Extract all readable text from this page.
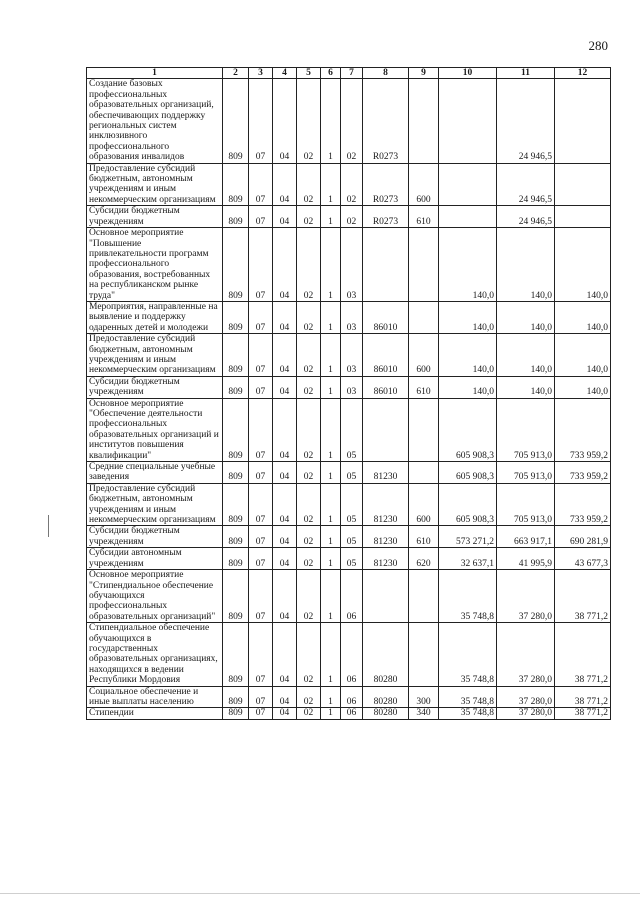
280
1	2	3	4	5	6	7	8	9	10	11	12
Создание базовых профессиональных образовательных организаций, обеспечивающих поддержку региональных систем инклюзивного профессионального образования инвалидов	809	07	04	02	1	02	R0273			24 946,5	
Предоставление субсидий бюджетным, автономным учреждениям и иным некоммерческим организациям	809	07	04	02	1	02	R0273	600		24 946,5	
Субсидии бюджетным учреждениям	809	07	04	02	1	02	R0273	610		24 946,5	
Основное мероприятие "Повышение привлекательности программ профессионального образования, востребованных на республиканском рынке труда"	809	07	04	02	1	03			140,0	140,0	140,0
Мероприятия, направленные на выявление и поддержку одаренных детей и молодежи	809	07	04	02	1	03	86010		140,0	140,0	140,0
Предоставление субсидий бюджетным, автономным учреждениям и иным некоммерческим организациям	809	07	04	02	1	03	86010	600	140,0	140,0	140,0
Субсидии бюджетным учреждениям	809	07	04	02	1	03	86010	610	140,0	140,0	140,0
Основное мероприятие "Обеспечение деятельности профессиональных образовательных организаций и институтов повышения квалификации"	809	07	04	02	1	05			605 908,3	705 913,0	733 959,2
Средние специальные учебные заведения	809	07	04	02	1	05	81230		605 908,3	705 913,0	733 959,2
Предоставление субсидий бюджетным, автономным учреждениям и иным некоммерческим организациям	809	07	04	02	1	05	81230	600	605 908,3	705 913,0	733 959,2
Субсидии бюджетным учреждениям	809	07	04	02	1	05	81230	610	573 271,2	663 917,1	690 281,9
Субсидии автономным учреждениям	809	07	04	02	1	05	81230	620	32 637,1	41 995,9	43 677,3
Основное мероприятие "Стипендиальное обеспечение обучающихся профессиональных образовательных организаций"	809	07	04	02	1	06			35 748,8	37 280,0	38 771,2
Стипендиальное обеспечение обучающихся в государственных образовательных организациях, находящихся в ведении Республики Мордовия	809	07	04	02	1	06	80280		35 748,8	37 280,0	38 771,2
Социальное обеспечение и иные выплаты населению	809	07	04	02	1	06	80280	300	35 748,8	37 280,0	38 771,2
Стипендии	809	07	04	02	1	06	80280	340	35 748,8	37 280,0	38 771,2
